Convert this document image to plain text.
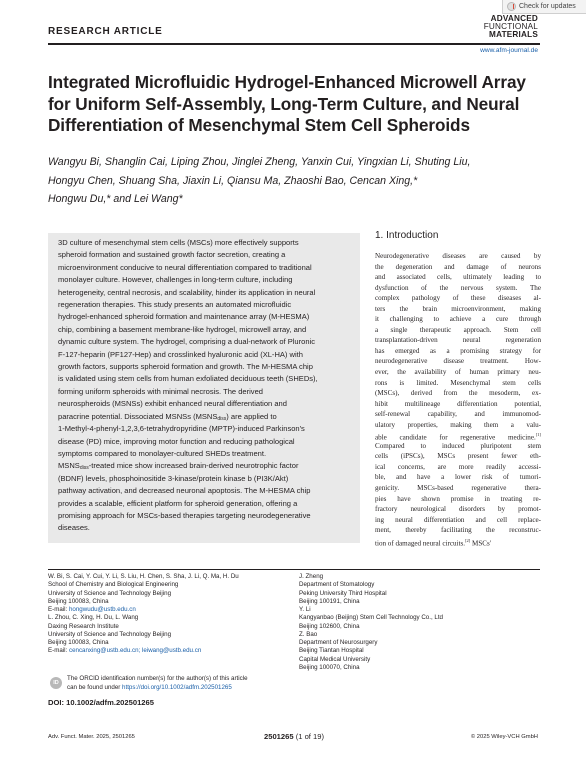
Check for updates
RESEARCH ARTICLE
ADVANCED
FUNCTIONAL
MATERIALS
www.afm-journal.de
Integrated Microfluidic Hydrogel-Enhanced Microwell Array
for Uniform Self-Assembly, Long-Term Culture, and Neural
Differentiation of Mesenchymal Stem Cell Spheroids
Wangyu Bi, Shanglin Cai, Liping Zhou, Jinglei Zheng, Yanxin Cui, Yingxian Li, Shuting Liu,
Hongyu Chen, Shuang Sha, Jiaxin Li, Qiansu Ma, Zhaoshi Bao, Cencan Xing,*
Hongwu Du,* and Lei Wang*
3D culture of mesenchymal stem cells (MSCs) more effectively supports
spheroid formation and sustained growth factor secretion, creating a
microenvironment conducive to neural differentiation compared to traditional
monolayer culture. However, challenges in long-term culture, including
heterogeneity, central necrosis, and scalability, hinder its application in neural
regeneration therapies. This study presents an automated microfluidic
hydrogel-enhanced spheroid formation and maintenance array (M-HESMA)
chip, combining a basement membrane-like hydrogel, microwell array, and
dynamic culture system. The hydrogel, comprising a dual-network of Pluronic
F-127-heparin (PF127-Hep) and crosslinked hyaluronic acid (XL-HA) with
growth factors, supports spheroid formation and growth. The M-HESMA chip
is validated using stem cells from human exfoliated deciduous teeth (SHEDs),
forming uniform spheroids with minimal necrosis. The derived
neurospheroids (MSNSs) exhibit enhanced neural differentiation and
paracrine potential. Dissociated MSNSs $(MSNS_{diss})$ are applied to
1-Methyl-4-phenyl-1,2,3,6-tetrahydropyridine (MPTP)-induced Parkinson's
disease (PD) mice, improving motor function and reducing pathological
symptoms compared to monolayer-cultured SHEDs treatment.
$MSNS_{diss}$-treated mice show increased brain-derived neurotrophic factor
(BDNF) levels, phosphoinositide 3-kinase/protein kinase b (PI3K/Akt)
pathway activation, and decreased neuronal apoptosis. The M-HESMA chip
provides a scalable, efficient platform for spheroid generation, offering a
promising approach for MSCs-based therapies targeting neurodegenerative
diseases.
1. Introduction
Neurodegenerative diseases are caused by
the degeneration and damage of neurons
and associated cells, ultimately leading to
dysfunction of the nervous system. The
complex pathology of these diseases al-
ters the brain microenvironment, making
it challenging to achieve a cure through
a single therapeutic approach. Stem cell
transplantation-driven neural regeneration
has emerged as a promising strategy for
neurodegenerative disease treatment. How-
ever, the availability of human primary neu-
rons is limited. Mesenchymal stem cells
(MSCs), derived from the mesoderm, ex-
hibit multilineage differentiation potential,
self-renewal capability, and immunomod-
ulatory properties, making them a valu-
able candidate for regenerative medicine.[1]
Compared to induced pluripotent stem
cells (iPSCs), MSCs present fewer eth-
ical concerns, are more readily accessi-
ble, and have a lower risk of tumori-
genicity. MSCs-based regenerative thera-
pies have shown promise in treating re-
fractory neurological disorders by promot-
ing neural differentiation and cell replace-
ment, thereby facilitating the reconstruc-
tion of damaged neural circuits.[2] MSCs'
W. Bi, S. Cai, Y. Cui, Y. Li, S. Liu, H. Chen, S. Sha, J. Li, Q. Ma, H. Du
School of Chemistry and Biological Engineering
University of Science and Technology Beijing
Beijing 100083, China
E-mail: hongwudu@ustb.edu.cn
L. Zhou, C. Xing, H. Du, L. Wang
Daxing Research Institute
University of Science and Technology Beijing
Beijing 100083, China
E-mail: cencanxing@ustb.edu.cn; leiwang@ustb.edu.cn
J. Zheng
Department of Stomatology
Peking University Third Hospital
Beijing 100191, China
Y. Li
Kangyanbao (Beijing) Stem Cell Technology Co., Ltd
Beijing 102600, China
Z. Bao
Department of Neurosurgery
Beijing Tiantan Hospital
Capital Medical University
Beijing 100070, China
ID
The ORCID identification number(s) for the author(s) of this article
can be found under https://doi.org/10.1002/adfm.202501265
DOI: 10.1002/adfm.202501265
Adv. Funct. Mater. 2025, 2501265	2501265 (1 of 19)	© 2025 Wiley-VCH GmbH
